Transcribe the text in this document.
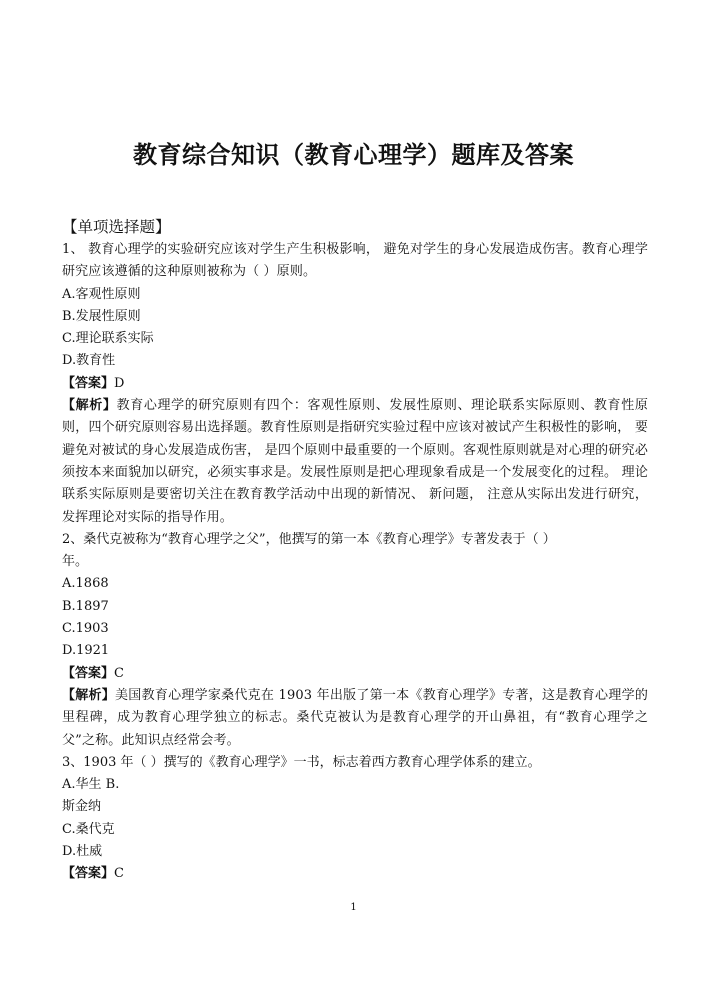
教育综合知识（教育心理学）题库及答案
【单项选择题】
1、 教育心理学的实验研究应该对学生产生积极影响， 避免对学生的身心发展造成伤害。教育心理学研究应该遵循的这种原则被称为（ ）原则。
A.客观性原则
B.发展性原则
C.理论联系实际
D.教育性
【答案】D
【解析】教育心理学的研究原则有四个：客观性原则、发展性原则、理论联系实际原则、教育性原则，四个研究原则容易出选择题。教育性原则是指研究实验过程中应该对被试产生积极性的影响， 要避免对被试的身心发展造成伤害， 是四个原则中最重要的一个原则。客观性原则就是对心理的研究必须按本来面貌加以研究，必须实事求是。发展性原则是把心理现象看成是一个发展变化的过程。 理论联系实际原则是要密切关注在教育教学活动中出现的新情况、 新问题， 注意从实际出发进行研究， 发挥理论对实际的指导作用。
2、桑代克被称为“教育心理学之父”，他撰写的第一本《教育心理学》专著发表于（ ）
年。
A.1868
B.1897
C.1903
D.1921
【答案】C
【解析】美国教育心理学家桑代克在 1903 年出版了第一本《教育心理学》专著，这是教育心理学的里程碑，成为教育心理学独立的标志。桑代克被认为是教育心理学的开山鼻祖，有“教育心理学之父”之称。此知识点经常会考。
3、1903 年（ ）撰写的《教育心理学》一书，标志着西方教育心理学体系的建立。
A.华生 B.
斯金纳
C.桑代克
D.杜威
【答案】C
1
